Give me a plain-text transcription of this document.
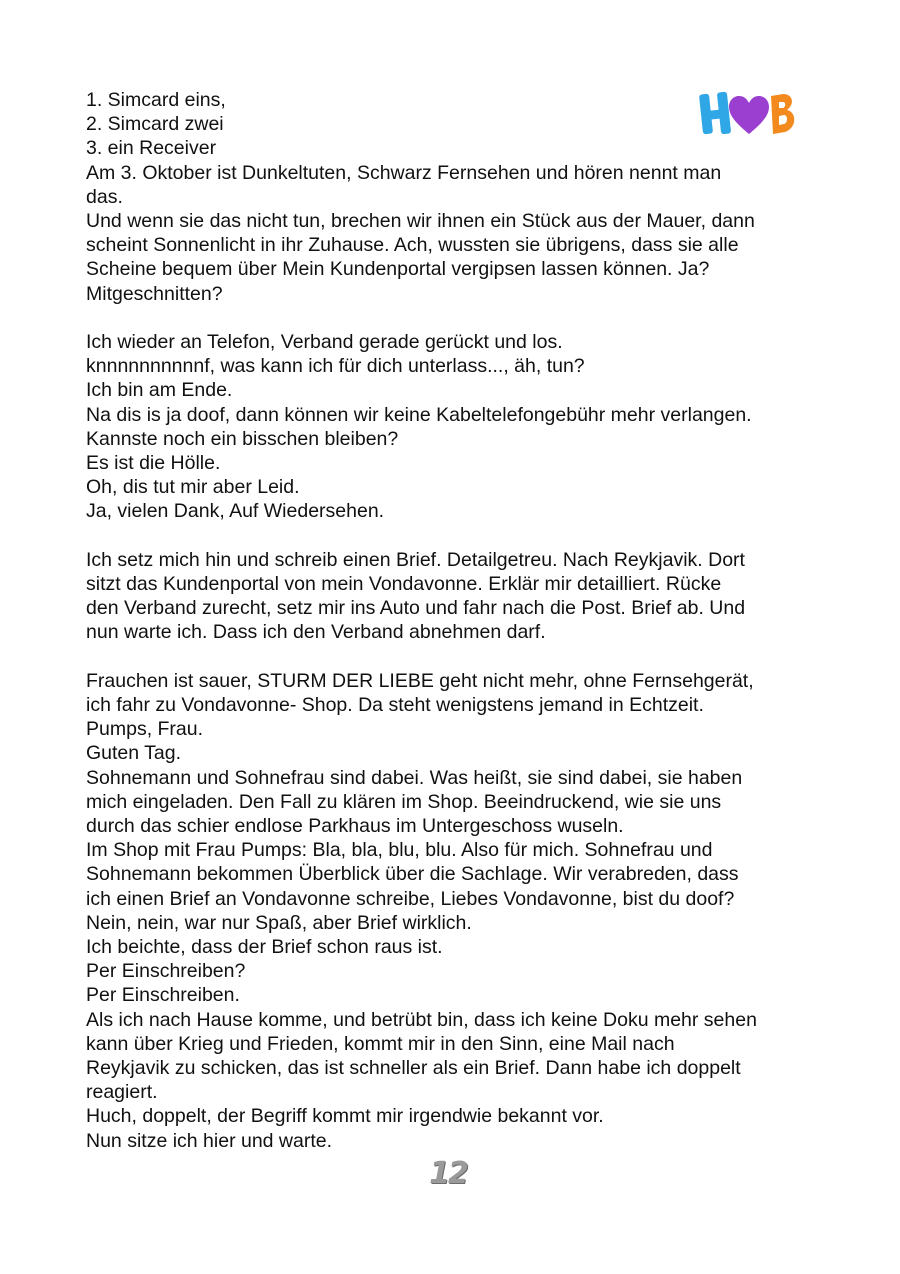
1. Simcard eins,
2. Simcard zwei
3. ein Receiver
Am 3. Oktober ist Dunkeltuten, Schwarz Fernsehen und hören nennt man
das.
Und wenn sie das nicht tun, brechen wir ihnen ein Stück aus der Mauer, dann
scheint Sonnenlicht in ihr Zuhause. Ach, wussten sie übrigens, dass sie alle
Scheine bequem über Mein Kundenportal vergipsen lassen können. Ja?
Mitgeschnitten?
Ich wieder an Telefon, Verband gerade gerückt und los.
knnnnnnnnnnf, was kann ich für dich unterlass..., äh, tun?
Ich bin am Ende.
Na dis is ja doof, dann können wir keine Kabeltelefongebühr mehr verlangen.
Kannste noch ein bisschen bleiben?
Es ist die Hölle.
Oh, dis tut mir aber Leid.
Ja, vielen Dank, Auf Wiedersehen.
Ich setz mich hin und schreib einen Brief. Detailgetreu. Nach Reykjavik. Dort
sitzt das Kundenportal von mein Vondavonne. Erklär mir detailliert. Rücke
den Verband zurecht, setz mir ins Auto und fahr nach die Post. Brief ab. Und
nun warte ich. Dass ich den Verband abnehmen darf.
Frauchen ist sauer, STURM DER LIEBE geht nicht mehr, ohne Fernsehgerät,
ich fahr zu Vondavonne- Shop. Da steht wenigstens jemand in Echtzeit.
Pumps, Frau.
Guten Tag.
Sohnemann und Sohnefrau sind dabei. Was heißt, sie sind dabei, sie haben
mich eingeladen. Den Fall zu klären im Shop. Beeindruckend, wie sie uns
durch das schier endlose Parkhaus im Untergeschoss wuseln.
Im Shop mit Frau Pumps: Bla, bla, blu, blu. Also für mich. Sohnefrau und
Sohnemann bekommen Überblick über die Sachlage. Wir verabreden, dass
ich einen Brief an Vondavonne schreibe, Liebes Vondavonne, bist du doof?
Nein, nein, war nur Spaß, aber Brief wirklich.
Ich beichte, dass der Brief schon raus ist.
Per Einschreiben?
Per Einschreiben.
Als ich nach Hause komme, und betrübt bin, dass ich keine Doku mehr sehen
kann über Krieg und Frieden, kommt mir in den Sinn, eine Mail nach
Reykjavik zu schicken, das ist schneller als ein Brief. Dann habe ich doppelt
reagiert.
Huch, doppelt, der Begriff kommt mir irgendwie bekannt vor.
Nun sitze ich hier und warte.
12
